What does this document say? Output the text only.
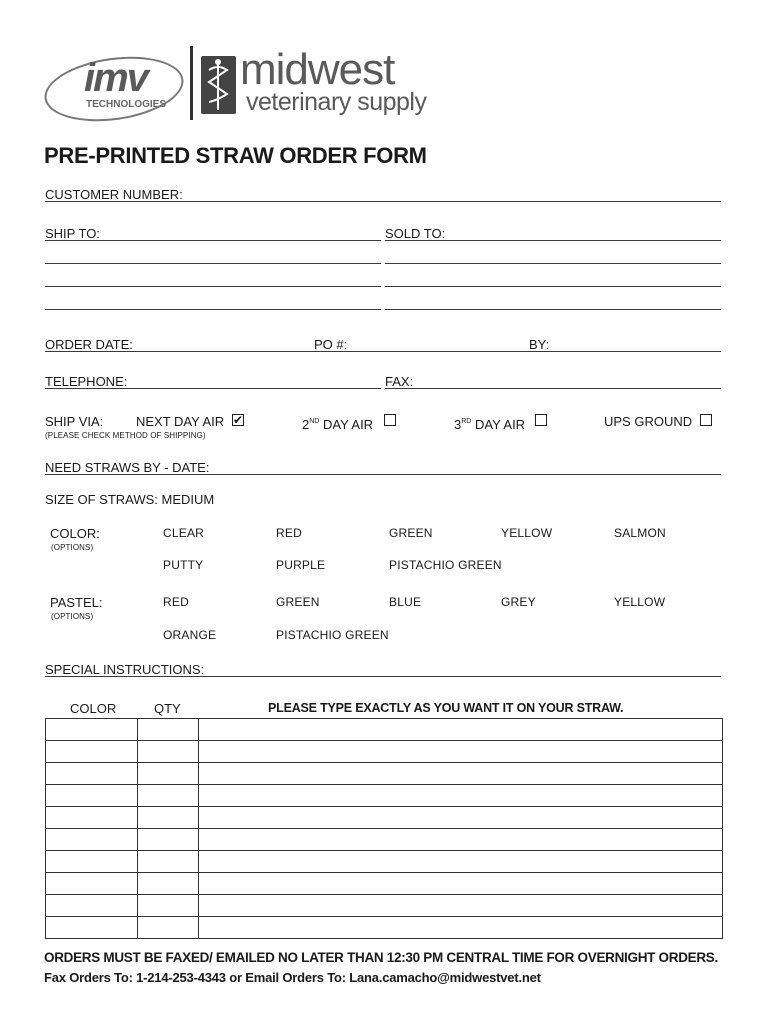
imv
TECHNOLOGIES
midwest
veterinary supply
PRE-PRINTED STRAW ORDER FORM
CUSTOMER NUMBER:
SHIP TO:	SOLD TO:
ORDER DATE:	PO #:	BY:
TELEPHONE:	FAX:
SHIP VIA:
(PLEASE CHECK METHOD OF SHIPPING)
NEXT DAY AIR ✔	2ND DAY AIR	3RD DAY AIR	UPS GROUND
NEED STRAWS BY - DATE:
SIZE OF STRAWS: MEDIUM
COLOR:
(OPTIONS)
CLEAR	RED	GREEN	YELLOW	SALMON
PUTTY	PURPLE	PISTACHIO GREEN
PASTEL:
(OPTIONS)
RED	GREEN	BLUE	GREY	YELLOW
ORANGE	PISTACHIO GREEN
SPECIAL INSTRUCTIONS:
COLOR	QTY	PLEASE TYPE EXACTLY AS YOU WANT IT ON YOUR STRAW.

ORDERS MUST BE FAXED/ EMAILED NO LATER THAN 12:30 PM CENTRAL TIME FOR OVERNIGHT ORDERS.
Fax Orders To: 1-214-253-4343 or Email Orders To: Lana.camacho@midwestvet.net
